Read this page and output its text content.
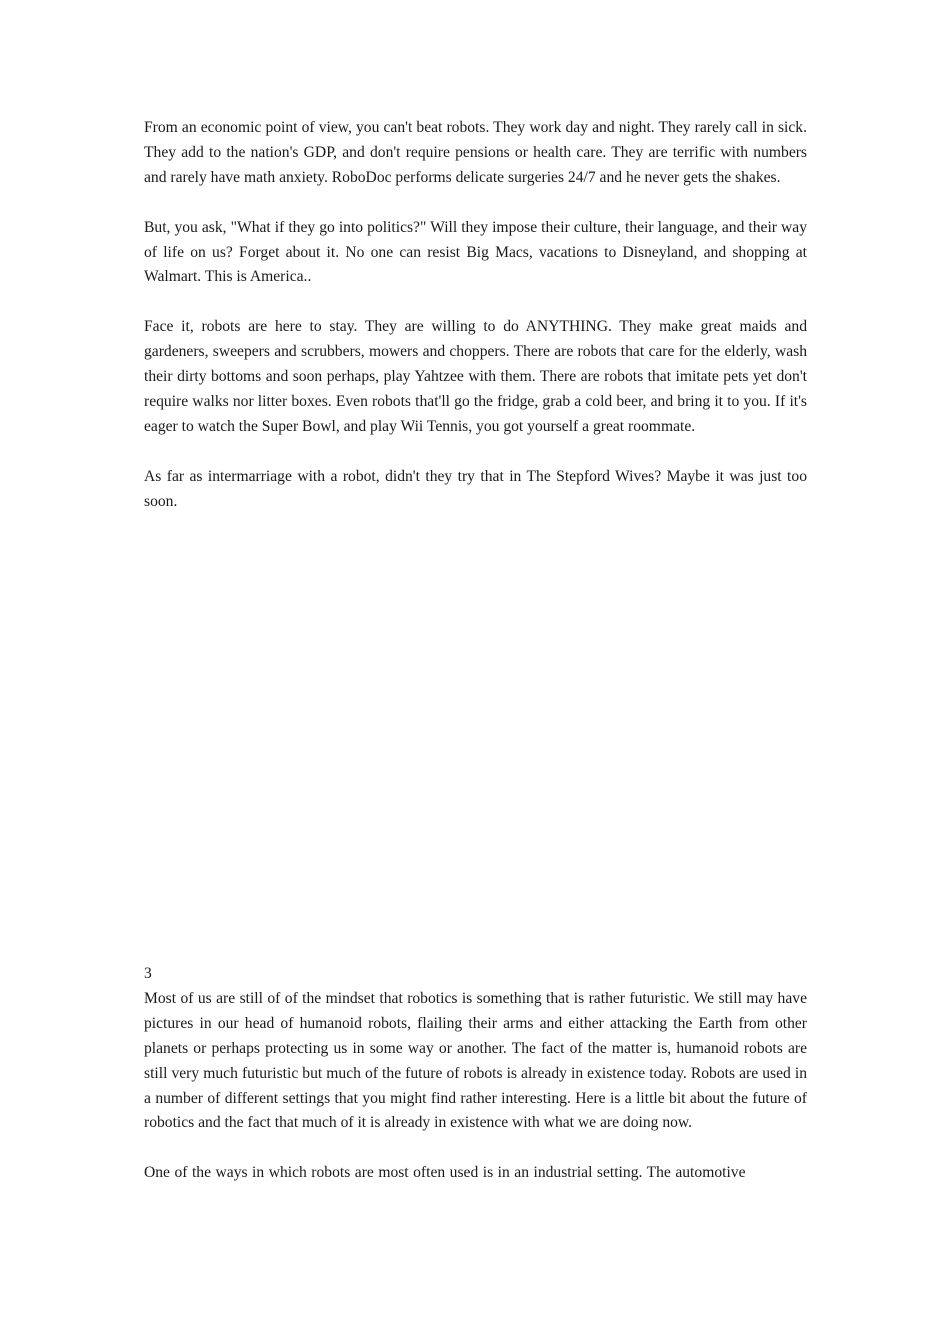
From an economic point of view, you can't beat robots. They work day and night. They rarely call in sick. They add to the nation's GDP, and don't require pensions or health care. They are terrific with numbers and rarely have math anxiety. RoboDoc performs delicate surgeries 24/7 and he never gets the shakes.

But, you ask, "What if they go into politics?" Will they impose their culture, their language, and their way of life on us? Forget about it. No one can resist Big Macs, vacations to Disneyland, and shopping at Walmart. This is America..

Face it, robots are here to stay. They are willing to do ANYTHING. They make great maids and gardeners, sweepers and scrubbers, mowers and choppers. There are robots that care for the elderly, wash their dirty bottoms and soon perhaps, play Yahtzee with them. There are robots that imitate pets yet don't require walks nor litter boxes. Even robots that'll go the fridge, grab a cold beer, and bring it to you. If it's eager to watch the Super Bowl, and play Wii Tennis, you got yourself a great roommate.

As far as intermarriage with a robot, didn't they try that in The Stepford Wives? Maybe it was just too soon.

3

Most of us are still of of the mindset that robotics is something that is rather futuristic. We still may have pictures in our head of humanoid robots, flailing their arms and either attacking the Earth from other planets or perhaps protecting us in some way or another. The fact of the matter is, humanoid robots are still very much futuristic but much of the future of robots is already in existence today. Robots are used in a number of different settings that you might find rather interesting. Here is a little bit about the future of robotics and the fact that much of it is already in existence with what we are doing now.

One of the ways in which robots are most often used is in an industrial setting. The automotive
